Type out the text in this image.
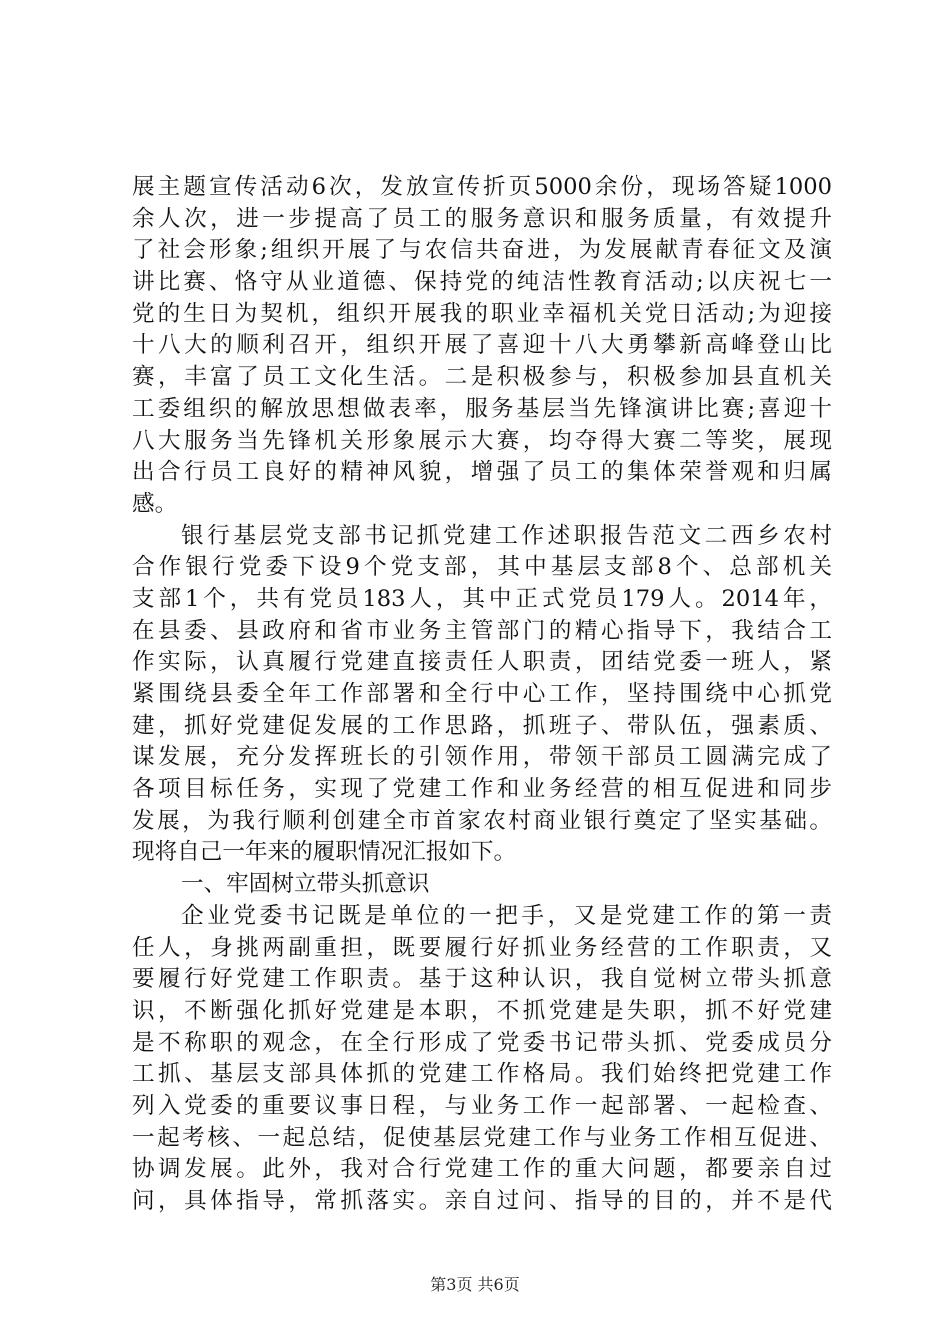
展主题宣传活动6次，发放宣传折页5000余份，现场答疑1000
余人次，进一步提高了员工的服务意识和服务质量，有效提升
了社会形象;组织开展了与农信共奋进，为发展献青春征文及演
讲比赛、恪守从业道德、保持党的纯洁性教育活动;以庆祝七一
党的生日为契机，组织开展我的职业幸福机关党日活动;为迎接
十八大的顺利召开，组织开展了喜迎十八大勇攀新高峰登山比
赛，丰富了员工文化生活。二是积极参与，积极参加县直机关
工委组织的解放思想做表率，服务基层当先锋演讲比赛;喜迎十
八大服务当先锋机关形象展示大赛，均夺得大赛二等奖，展现
出合行员工良好的精神风貌，增强了员工的集体荣誉观和归属
感。
银行基层党支部书记抓党建工作述职报告范文二西乡农村
合作银行党委下设9个党支部，其中基层支部8个、总部机关
支部1个，共有党员183人，其中正式党员179人。2014年，
在县委、县政府和省市业务主管部门的精心指导下，我结合工
作实际，认真履行党建直接责任人职责，团结党委一班人，紧
紧围绕县委全年工作部署和全行中心工作，坚持围绕中心抓党
建，抓好党建促发展的工作思路，抓班子、带队伍，强素质、
谋发展，充分发挥班长的引领作用，带领干部员工圆满完成了
各项目标任务，实现了党建工作和业务经营的相互促进和同步
发展，为我行顺利创建全市首家农村商业银行奠定了坚实基础。
现将自己一年来的履职情况汇报如下。
一、牢固树立带头抓意识
企业党委书记既是单位的一把手，又是党建工作的第一责
任人，身挑两副重担，既要履行好抓业务经营的工作职责，又
要履行好党建工作职责。基于这种认识，我自觉树立带头抓意
识，不断强化抓好党建是本职，不抓党建是失职，抓不好党建
是不称职的观念，在全行形成了党委书记带头抓、党委成员分
工抓、基层支部具体抓的党建工作格局。我们始终把党建工作
列入党委的重要议事日程，与业务工作一起部署、一起检查、
一起考核、一起总结，促使基层党建工作与业务工作相互促进、
协调发展。此外，我对合行党建工作的重大问题，都要亲自过
问，具体指导，常抓落实。亲自过问、指导的目的，并不是代
第3页 共6页
